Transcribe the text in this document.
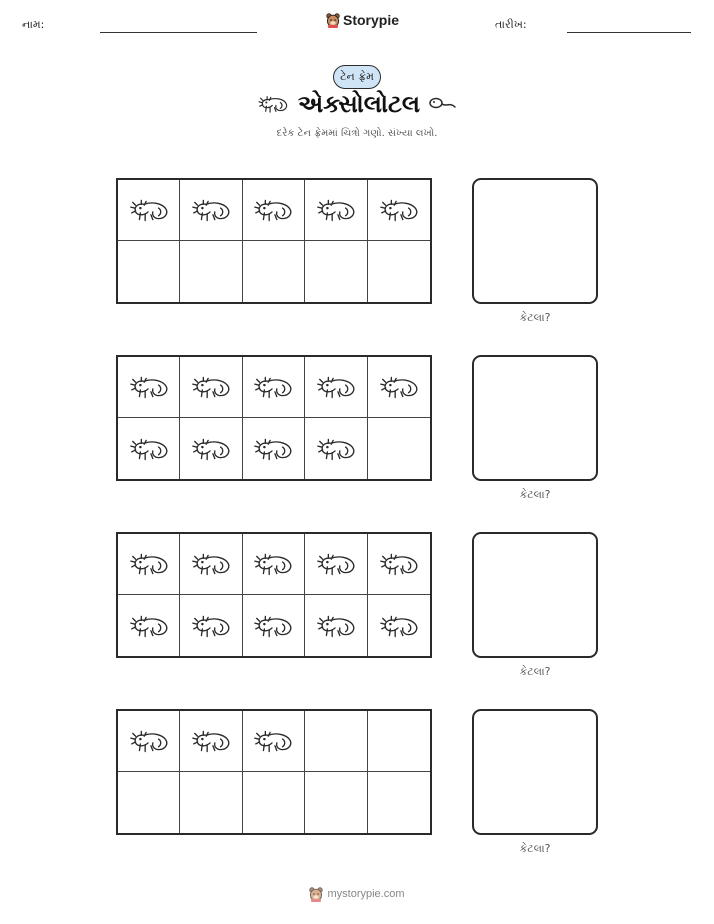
નામ:	Storypie	તારીખ:
ટેન ફ્રેમ
એક્સોલોટલ
દરેક ટેન ફ્રેમમાં ચિત્રો ગણો. સંખ્યા લખો.
કેટલા?
કેટલા?
કેટલા?
કેટલા?
mystorypie.com
